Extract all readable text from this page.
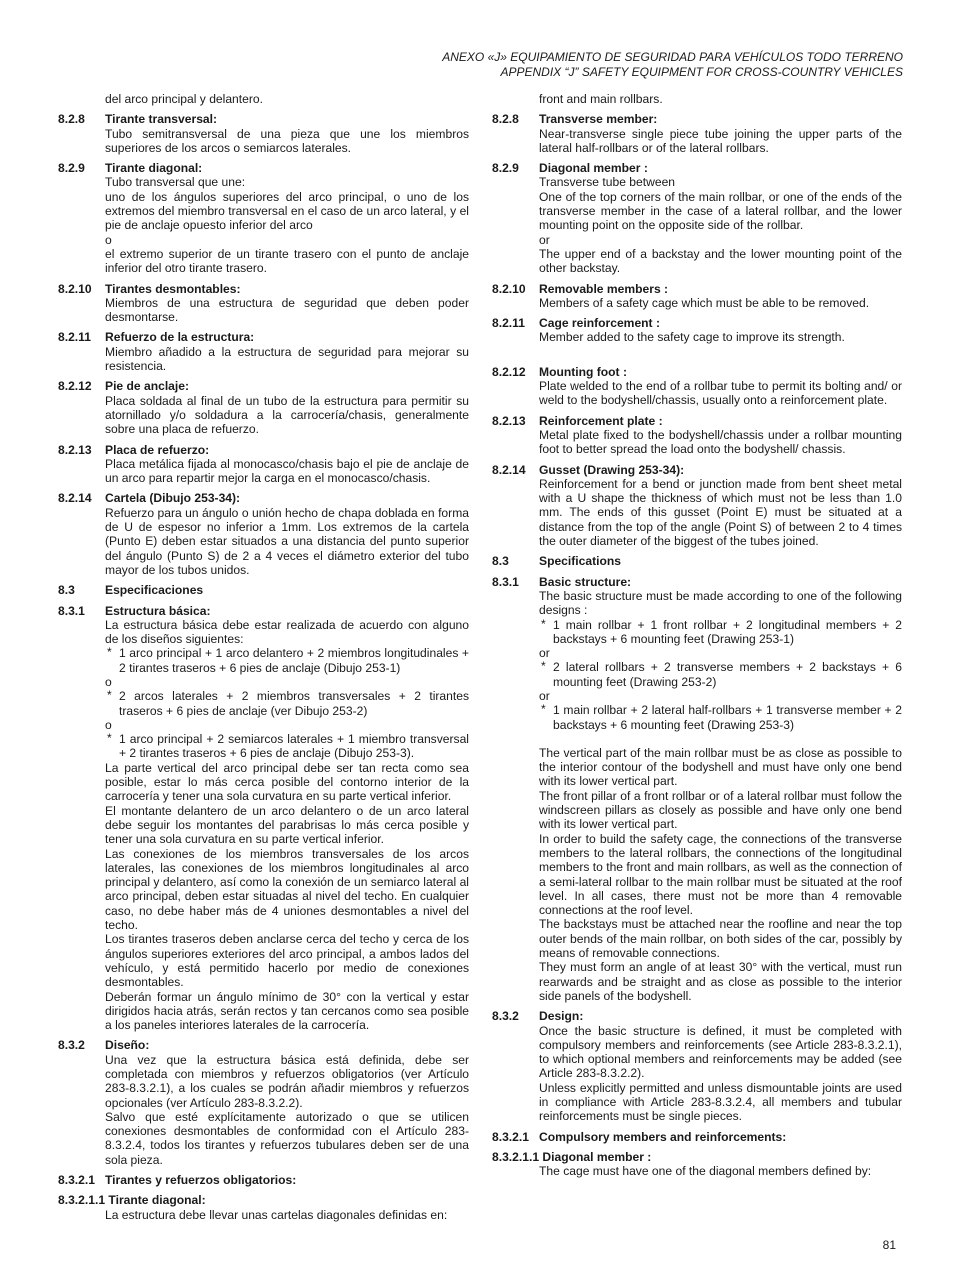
ANEXO «J» EQUIPAMIENTO DE SEGURIDAD PARA VEHÍCULOS TODO TERRENO
APPENDIX “J” SAFETY EQUIPMENT FOR CROSS-COUNTRY VEHICLES
del arco principal y delantero.
8.2.8 Tirante transversal:
Tubo semitransversal de una pieza que une los miembros superiores de los arcos o semiarcos laterales.
8.2.9 Tirante diagonal:

Tubo transversal que une:

uno de los ángulos superiores del arco principal, o uno de los extremos del miembro transversal en el caso de un arco lateral, y el pie de anclaje opuesto inferior del arco

o

el extremo superior de un tirante trasero con el punto de anclaje inferior del otro tirante trasero.

8.2.10 Tirantes desmontables:
Miembros de una estructura de seguridad que deben poder desmontarse.
8.2.11 Refuerzo de la estructura:
Miembro añadido a la estructura de seguridad para mejorar su resistencia.
8.2.12 Pie de anclaje:
Placa soldada al final de un tubo de la estructura para permitir su atornillado y/o soldadura a la carrocería/chasis, generalmente sobre una placa de refuerzo.
8.2.13 Placa de refuerzo:
Placa metálica fijada al monocasco/chasis bajo el pie de anclaje de un arco para repartir mejor la carga en el monocasco/chasis.
8.2.14 Cartela (Dibujo 253-34):
Refuerzo para un ángulo o unión hecho de chapa doblada en forma de U de espesor no inferior a 1mm. Los extremos de la cartela (Punto E) deben estar situados a una distancia del punto superior del ángulo (Punto S) de 2 a 4 veces el diámetro exterior del tubo mayor de los tubos unidos.
8.3 Especificaciones
8.3.1 Estructura básica:

La estructura básica debe estar realizada de acuerdo con alguno de los diseños siguientes:

* 1 arco principal + 1 arco delantero + 2 miembros longitudinales + 2 tirantes traseros + 6 pies de anclaje (Dibujo 253-1)

o

* 2 arcos laterales + 2 miembros transversales + 2 tirantes traseros + 6 pies de anclaje (ver Dibujo 253-2)

o

* 1 arco principal + 2 semiarcos laterales + 1 miembro transversal + 2 tirantes traseros + 6 pies de anclaje (Dibujo 253-3).

La parte vertical del arco principal debe ser tan recta como sea posible, estar lo más cerca posible del contorno interior de la carrocería y tener una sola curvatura en su parte vertical inferior.

El montante delantero de un arco delantero o de un arco lateral debe seguir los montantes del parabrisas lo más cerca posible y tener una sola curvatura en su parte vertical inferior.

Las conexiones de los miembros transversales de los arcos laterales, las conexiones de los miembros longitudinales al arco principal y delantero, así como la conexión de un semiarco lateral al arco principal, deben estar situadas al nivel del techo. En cualquier caso, no debe haber más de 4 uniones desmontables a nivel del techo.

Los tirantes traseros deben anclarse cerca del techo y cerca de los ángulos superiores exteriores del arco principal, a ambos lados del vehículo, y está permitido hacerlo por medio de conexiones desmontables.

Deberán formar un ángulo mínimo de 30° con la vertical y estar dirigidos hacia atrás, serán rectos y tan cercanos como sea posible a los paneles interiores laterales de la carrocería.

8.3.2 Diseño:

Una vez que la estructura básica está definida, debe ser completada con miembros y refuerzos obligatorios (ver Artículo 283-8.3.2.1), a los cuales se podrán añadir miembros y refuerzos opcionales (ver Artículo 283-8.3.2.2).

Salvo que esté explícitamente autorizado o que se utilicen conexiones desmontables de conformidad con el Artículo 283-8.3.2.4, todos los tirantes y refuerzos tubulares deben ser de una sola pieza.

8.3.2.1 Tirantes y refuerzos obligatorios:
8.3.2.1.1 Tirante diagonal:
La estructura debe llevar unas cartelas diagonales definidas en:
front and main rollbars.
8.2.8 Transverse member:
Near-transverse single piece tube joining the upper parts of the lateral half-rollbars or of the lateral rollbars.
8.2.9 Diagonal member :

Transverse tube between

One of the top corners of the main rollbar, or one of the ends of the transverse member in the case of a lateral rollbar, and the lower mounting point on the opposite side of the rollbar.

or

The upper end of a backstay and the lower mounting point of the other backstay.

8.2.10 Removable members :
Members of a safety cage which must be able to be removed.
8.2.11 Cage reinforcement :
Member added to the safety cage to improve its strength.
8.2.12 Mounting foot :
Plate welded to the end of a rollbar tube to permit its bolting and/ or weld to the bodyshell/chassis, usually onto a reinforcement plate.
8.2.13 Reinforcement plate :
Metal plate fixed to the bodyshell/chassis under a rollbar mounting foot to better spread the load onto the bodyshell/ chassis.
8.2.14 Gusset (Drawing 253-34):
Reinforcement for a bend or junction made from bent sheet metal with a U shape the thickness of which must not be less than 1.0 mm. The ends of this gusset (Point E) must be situated at a distance from the top of the angle (Point S) of between 2 to 4 times the outer diameter of the biggest of the tubes joined.
8.3 Specifications
8.3.1 Basic structure:

The basic structure must be made according to one of the following designs :

* 1 main rollbar + 1 front rollbar + 2 longitudinal members + 2 backstays + 6 mounting feet (Drawing 253-1)

or

* 2 lateral rollbars + 2 transverse members + 2 backstays + 6 mounting feet (Drawing 253-2)

or

* 1 main rollbar + 2 lateral half-rollbars + 1 transverse member + 2 backstays + 6 mounting feet (Drawing 253-3)

The vertical part of the main rollbar must be as close as possible to the interior contour of the bodyshell and must have only one bend with its lower vertical part.

The front pillar of a front rollbar or of a lateral rollbar must follow the windscreen pillars as closely as possible and have only one bend with its lower vertical part.

In order to build the safety cage, the connections of the transverse members to the lateral rollbars, the connections of the longitudinal members to the front and main rollbars, as well as the connection of a semi-lateral rollbar to the main rollbar must be situated at the roof level. In all cases, there must not be more than 4 removable connections at the roof level.

The backstays must be attached near the roofline and near the top outer bends of the main rollbar, on both sides of the car, possibly by means of removable connections.

They must form an angle of at least 30° with the vertical, must run rearwards and be straight and as close as possible to the interior side panels of the bodyshell.

8.3.2 Design:

Once the basic structure is defined, it must be completed with compulsory members and reinforcements (see Article 283-8.3.2.1), to which optional members and reinforcements may be added (see Article 283-8.3.2.2).

Unless explicitly permitted and unless dismountable joints are used in compliance with Article 283-8.3.2.4, all members and tubular reinforcements must be single pieces.

8.3.2.1 Compulsory members and reinforcements:
8.3.2.1.1 Diagonal member :
The cage must have one of the diagonal members defined by:
81
